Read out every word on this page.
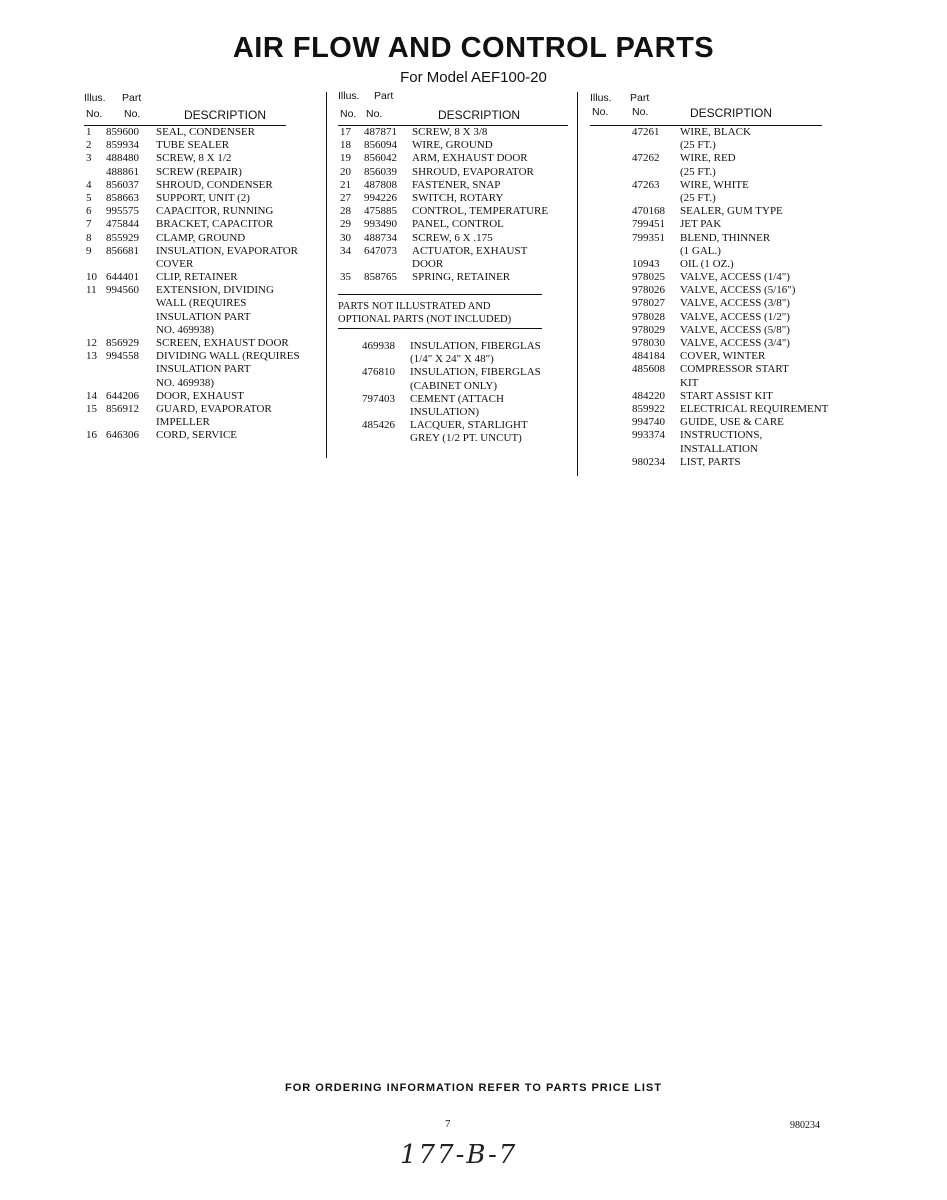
AIR FLOW AND CONTROL PARTS
For Model AEF100-20
Illus. Part
No. No.	DESCRIPTION
1 859600 SEAL, CONDENSER
2 859934 TUBE SEALER
3 488480 SCREW, 8 X 1/2
488861 SCREW (REPAIR)
4 856037 SHROUD, CONDENSER
5 858663 SUPPORT, UNIT (2)
6 995575 CAPACITOR, RUNNING
7 475844 BRACKET, CAPACITOR
8 855929 CLAMP, GROUND
9 856681 INSULATION, EVAPORATOR
COVER
10 644401 CLIP, RETAINER
11 994560 EXTENSION, DIVIDING
WALL (REQUIRES
INSULATION PART
NO. 469938)
12 856929 SCREEN, EXHAUST DOOR
13 994558 DIVIDING WALL (REQUIRES
INSULATION PART
NO. 469938)
14 644206 DOOR, EXHAUST
15 856912 GUARD, EVAPORATOR
IMPELLER
16 646306 CORD, SERVICE
Illus. Part
No. No.	DESCRIPTION
17 487871 SCREW, 8 X 3/8
18 856094 WIRE, GROUND
19 856042 ARM, EXHAUST DOOR
20 856039 SHROUD, EVAPORATOR
21 487808 FASTENER, SNAP
27 994226 SWITCH, ROTARY
28 475885 CONTROL, TEMPERATURE
29 993490 PANEL, CONTROL
30 488734 SCREW, 6 X .175
34 647073 ACTUATOR, EXHAUST
DOOR
35 858765 SPRING, RETAINER
PARTS NOT ILLUSTRATED AND
OPTIONAL PARTS (NOT INCLUDED)
469938 INSULATION, FIBERGLAS
(1/4" X 24" X 48")
476810 INSULATION, FIBERGLAS
(CABINET ONLY)
797403 CEMENT (ATTACH
INSULATION)
485426 LACQUER, STARLIGHT
GREY (1/2 PT. UNCUT)
Illus. Part
No. No.	DESCRIPTION
47261 WIRE, BLACK
(25 FT.)
47262 WIRE, RED
(25 FT.)
47263 WIRE, WHITE
(25 FT.)
470168 SEALER, GUM TYPE
799451 JET PAK
799351 BLEND, THINNER
(1 GAL.)
10943 OIL (1 OZ.)
978025 VALVE, ACCESS (1/4")
978026 VALVE, ACCESS (5/16")
978027 VALVE, ACCESS (3/8")
978028 VALVE, ACCESS (1/2")
978029 VALVE, ACCESS (5/8")
978030 VALVE, ACCESS (3/4")
484184 COVER, WINTER
485608 COMPRESSOR START
KIT
484220 START ASSIST KIT
859922 ELECTRICAL REQUIREMENT
994740 GUIDE, USE & CARE
993374 INSTRUCTIONS,
INSTALLATION
980234 LIST, PARTS
FOR ORDERING INFORMATION REFER TO PARTS PRICE LIST
7	980234
177-B-7
